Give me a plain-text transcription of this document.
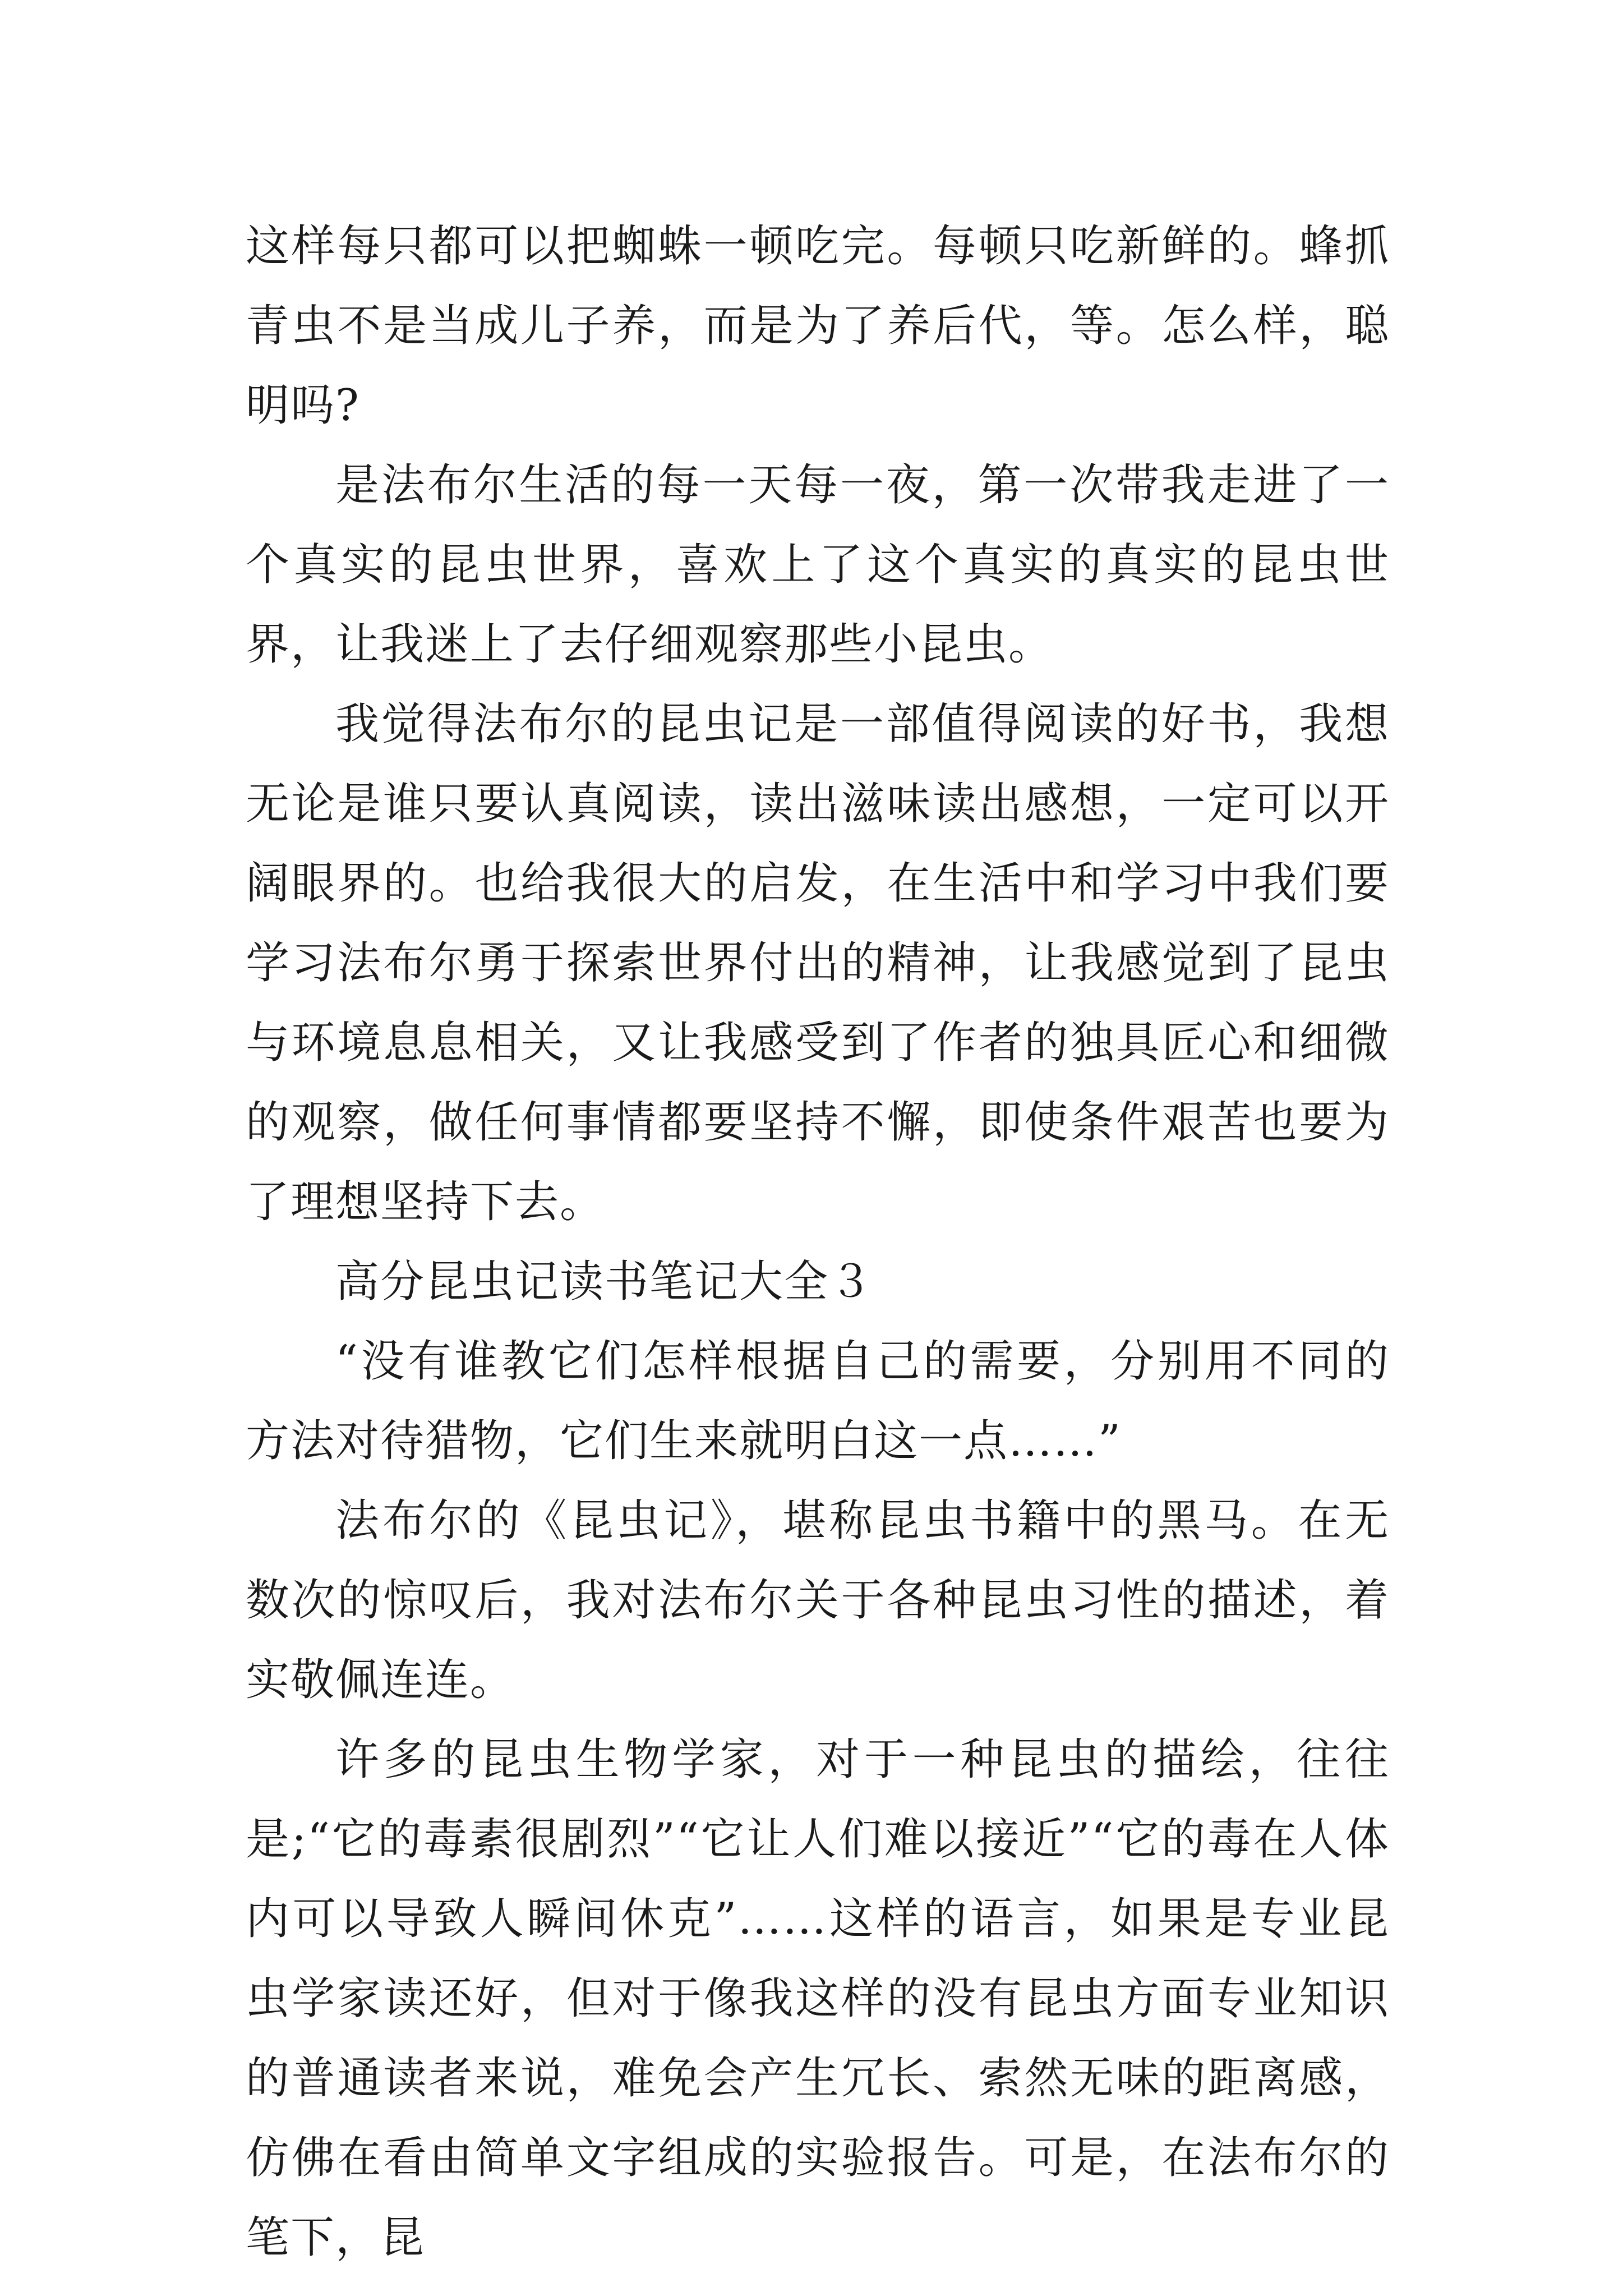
这样每只都可以把蜘蛛一顿吃完。每顿只吃新鲜的。蜂抓青虫不是当成儿子养，而是为了养后代，等。怎么样，聪明吗?

是法布尔生活的每一天每一夜，第一次带我走进了一个真实的昆虫世界，喜欢上了这个真实的真实的昆虫世界，让我迷上了去仔细观察那些小昆虫。

我觉得法布尔的昆虫记是一部值得阅读的好书，我想无论是谁只要认真阅读，读出滋味读出感想，一定可以开阔眼界的。也给我很大的启发，在生活中和学习中我们要学习法布尔勇于探索世界付出的精神，让我感觉到了昆虫与环境息息相关，又让我感受到了作者的独具匠心和细微的观察，做任何事情都要坚持不懈，即使条件艰苦也要为了理想坚持下去。

高分昆虫记读书笔记大全３

“没有谁教它们怎样根据自己的需要，分别用不同的方法对待猎物，它们生来就明白这一点……”

法布尔的《昆虫记》，堪称昆虫书籍中的黑马。在无数次的惊叹后，我对法布尔关于各种昆虫习性的描述，着实敬佩连连。

许多的昆虫生物学家，对于一种昆虫的描绘，往往是;“它的毒素很剧烈”“它让人们难以接近”“它的毒在人体内可以导致人瞬间休克”……这样的语言，如果是专业昆虫学家读还好，但对于像我这样的没有昆虫方面专业知识的普通读者来说，难免会产生冗长、索然无味的距离感，仿佛在看由简单文字组成的实验报告。可是，在法布尔的笔下，昆
